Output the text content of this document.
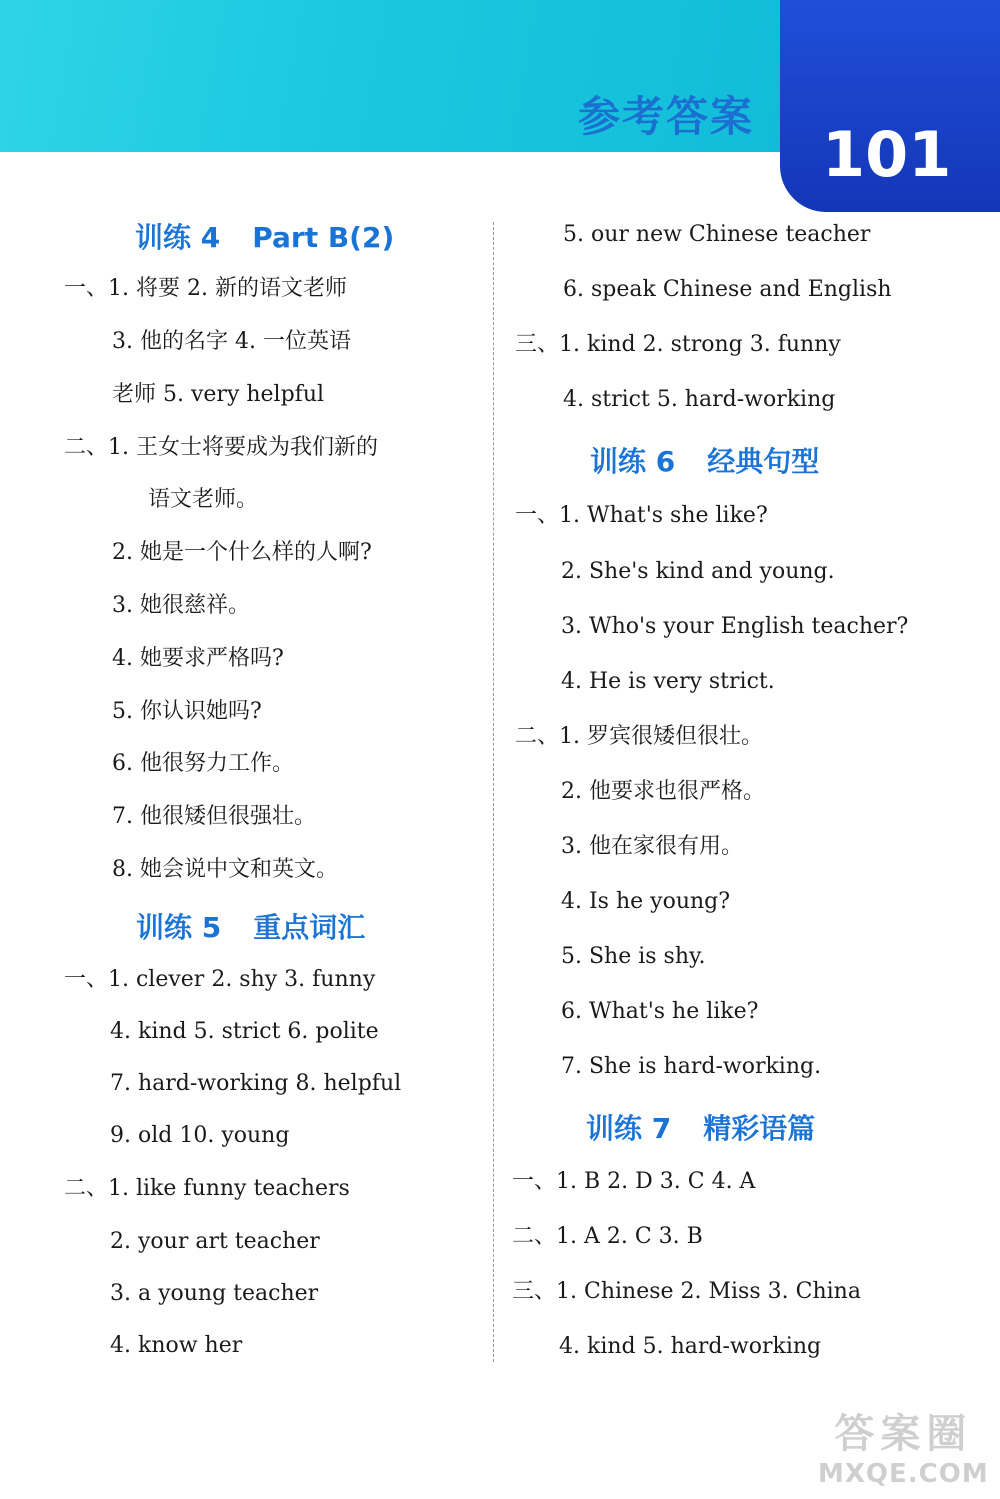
参考答案
101
训练 4 Part B(2)
一、1. 将要 2. 新的语文老师
3. 他的名字 4. 一位英语
老师 5. very helpful
二、1. 王女士将要成为我们新的
语文老师。
2. 她是一个什么样的人啊?
3. 她很慈祥。
4. 她要求严格吗?
5. 你认识她吗?
6. 他很努力工作。
7. 他很矮但很强壮。
8. 她会说中文和英文。
训练 5 重点词汇
一、1. clever 2. shy 3. funny
4. kind 5. strict 6. polite
7. hard-working 8. helpful
9. old 10. young
二、1. like funny teachers
2. your art teacher
3. a young teacher
4. know her
5. our new Chinese teacher
6. speak Chinese and English
三、1. kind 2. strong 3. funny
4. strict 5. hard-working
训练 6 经典句型
一、1. What's she like?
2. She's kind and young.
3. Who's your English teacher?
4. He is very strict.
二、1. 罗宾很矮但很壮。
2. 他要求也很严格。
3. 他在家很有用。
4. Is he young?
5. She is shy.
6. What's he like?
7. She is hard-working.
训练 7 精彩语篇
一、1. B 2. D 3. C 4. A
二、1. A 2. C 3. B
三、1. Chinese 2. Miss 3. China
4. kind 5. hard-working
答案圈
MXQE.COM
